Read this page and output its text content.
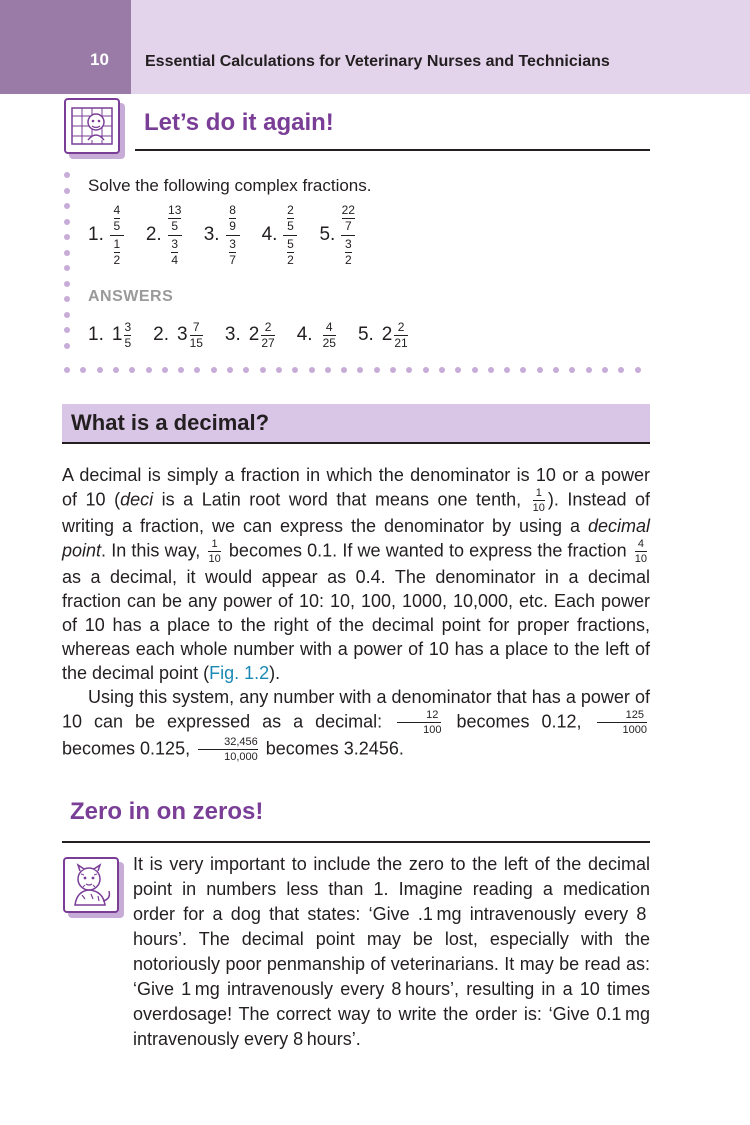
10 Essential Calculations for Veterinary Nurses and Technicians
Let’s do it again!
Solve the following complex fractions.
1.
4
5
1
2
2.
13
5
3
4
3.
8
9
3
7
4.
2
5
5
2
5.
22
7
3
2
ANSWERS
1. 1 3
5 2. 3 7
15 3. 2 2
27 4. 4
25 5. 2 2
21
What is a decimal?

A decimal is simply a fraction in which the denominator is 10 or a power of 10 (deci is a Latin root word that means one tenth, $\frac{1}{10}$ ). Instead of writing a fraction, we can express the denominator by using a decimal point. In this way, $\frac{1}{10}$ becomes 0.1. If we wanted to express the fraction $\frac{4}{10}$
as a decimal, it would appear as 0.4. The denominator in a decimal fraction can be any power of 10: 10, 100, 1000, 10,000, etc. Each power of 10 has a place to the right of the decimal point for proper fractions, whereas each whole number with a power of 10 has a place to the left of the decimal point (Fig. 1.2).

Using this system, any number with a denominator that has a power of 10 can be expressed as a decimal: $\frac{12}{100}$ becomes 0.12, $\frac{125}{1000}$
becomes 0.125, $\frac{32,456}{10,000}$ becomes 3.2456.

Zero in on zeros!
It is very important to include the zero to the left of the decimal point in numbers less than 1. Imagine reading a medication order for a dog that states: ‘Give .1 mg intravenously every 8 hours’. The decimal point may be lost, especially with the notoriously poor penmanship of veterinarians. It may be read as: ‘Give 1 mg intravenously every 8 hours’, resulting in a 10 times overdosage! The correct way to write the order is: ‘Give 0.1 mg intravenously every 8 hours’.
